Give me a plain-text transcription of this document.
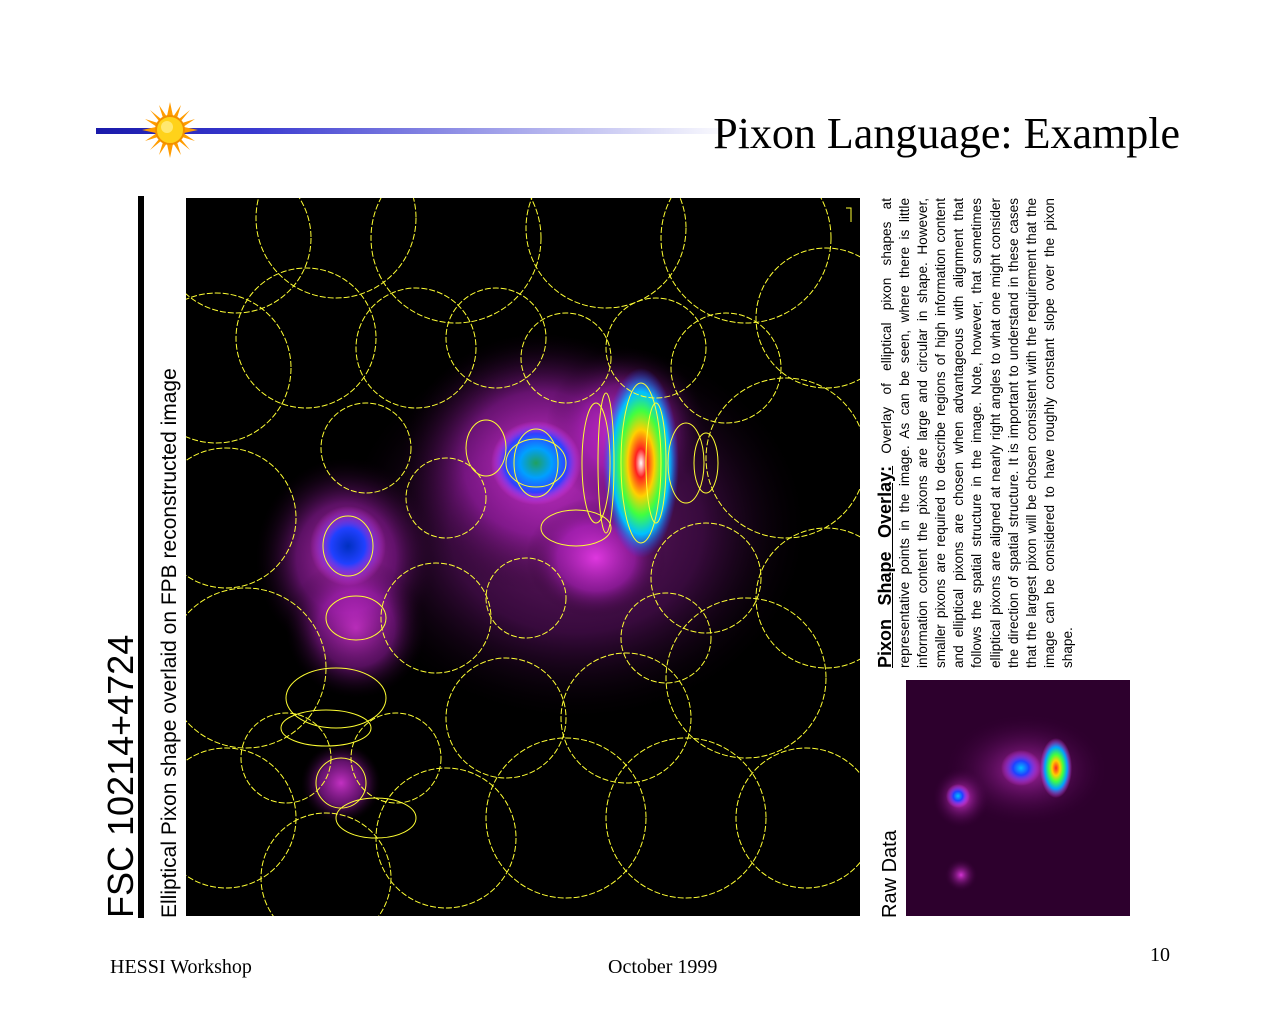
Pixon Language: Example
FSC 10214+4724 Elliptical Pixon shape overlaid on FPB reconstructed image	Pixon Shape Overlay: Overlay of elliptical pixon shapes at representative points in the image. As can be seen, where there is little information content the pixons are large and circular in shape. However, smaller pixons are required to describe regions of high information content and elliptical pixons are chosen when advantageous with alignment that follows the spatial structure in the image. Note, however, that sometimes elliptical pixons are aligned at nearly right angles to what one might consider the direction of spatial structure. It is important to understand in these cases that the largest pixon will be chosen consistent with the requirement that the image can be considered to have roughly constant slope over the pixon shape.
Raw Data
HESSI Workshop	October 1999
10
